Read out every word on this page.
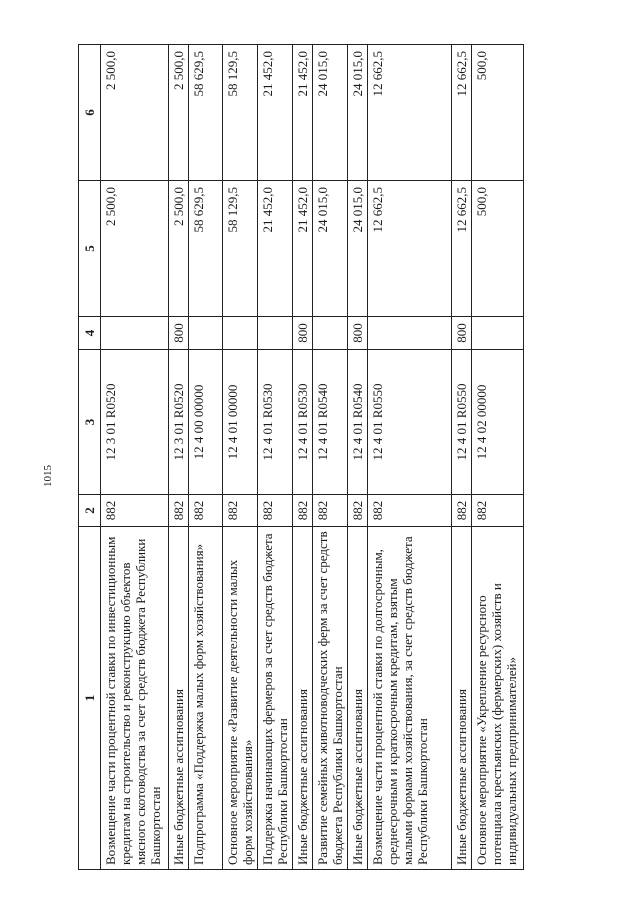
1015
1	2	3	4	5	6
Возмещение части процентной ставки по инвестиционным кредитам на строительство и реконструкцию объектов мясного скотоводства за счет средств бюджета Республики Башкортостан	882	12 3 01 R0520		2 500,0	2 500,0
Иные бюджетные ассигнования	882	12 3 01 R0520	800	2 500,0	2 500,0
Подпрограмма «Поддержка малых форм хозяйствования»	882	12 4 00 00000		58 629,5	58 629,5
Основное мероприятие «Развитие деятельности малых форм хозяйствования»	882	12 4 01 00000		58 129,5	58 129,5
Поддержка начинающих фермеров за счет средств бюджета Республики Башкортостан	882	12 4 01 R0530		21 452,0	21 452,0
Иные бюджетные ассигнования	882	12 4 01 R0530	800	21 452,0	21 452,0
Развитие семейных животноводческих ферм за счет средств бюджета Республики Башкортостан	882	12 4 01 R0540		24 015,0	24 015,0
Иные бюджетные ассигнования	882	12 4 01 R0540	800	24 015,0	24 015,0
Возмещение части процентной ставки по долгосрочным, среднесрочным и краткосрочным кредитам, взятым малыми формами хозяйствования, за счет средств бюджета Республики Башкортостан	882	12 4 01 R0550		12 662,5	12 662,5
Иные бюджетные ассигнования	882	12 4 01 R0550	800	12 662,5	12 662,5
Основное мероприятие «Укрепление ресурсного потенциала крестьянских (фермерских) хозяйств и индивидуальных предпринимателей»	882	12 4 02 00000		500,0	500,0
